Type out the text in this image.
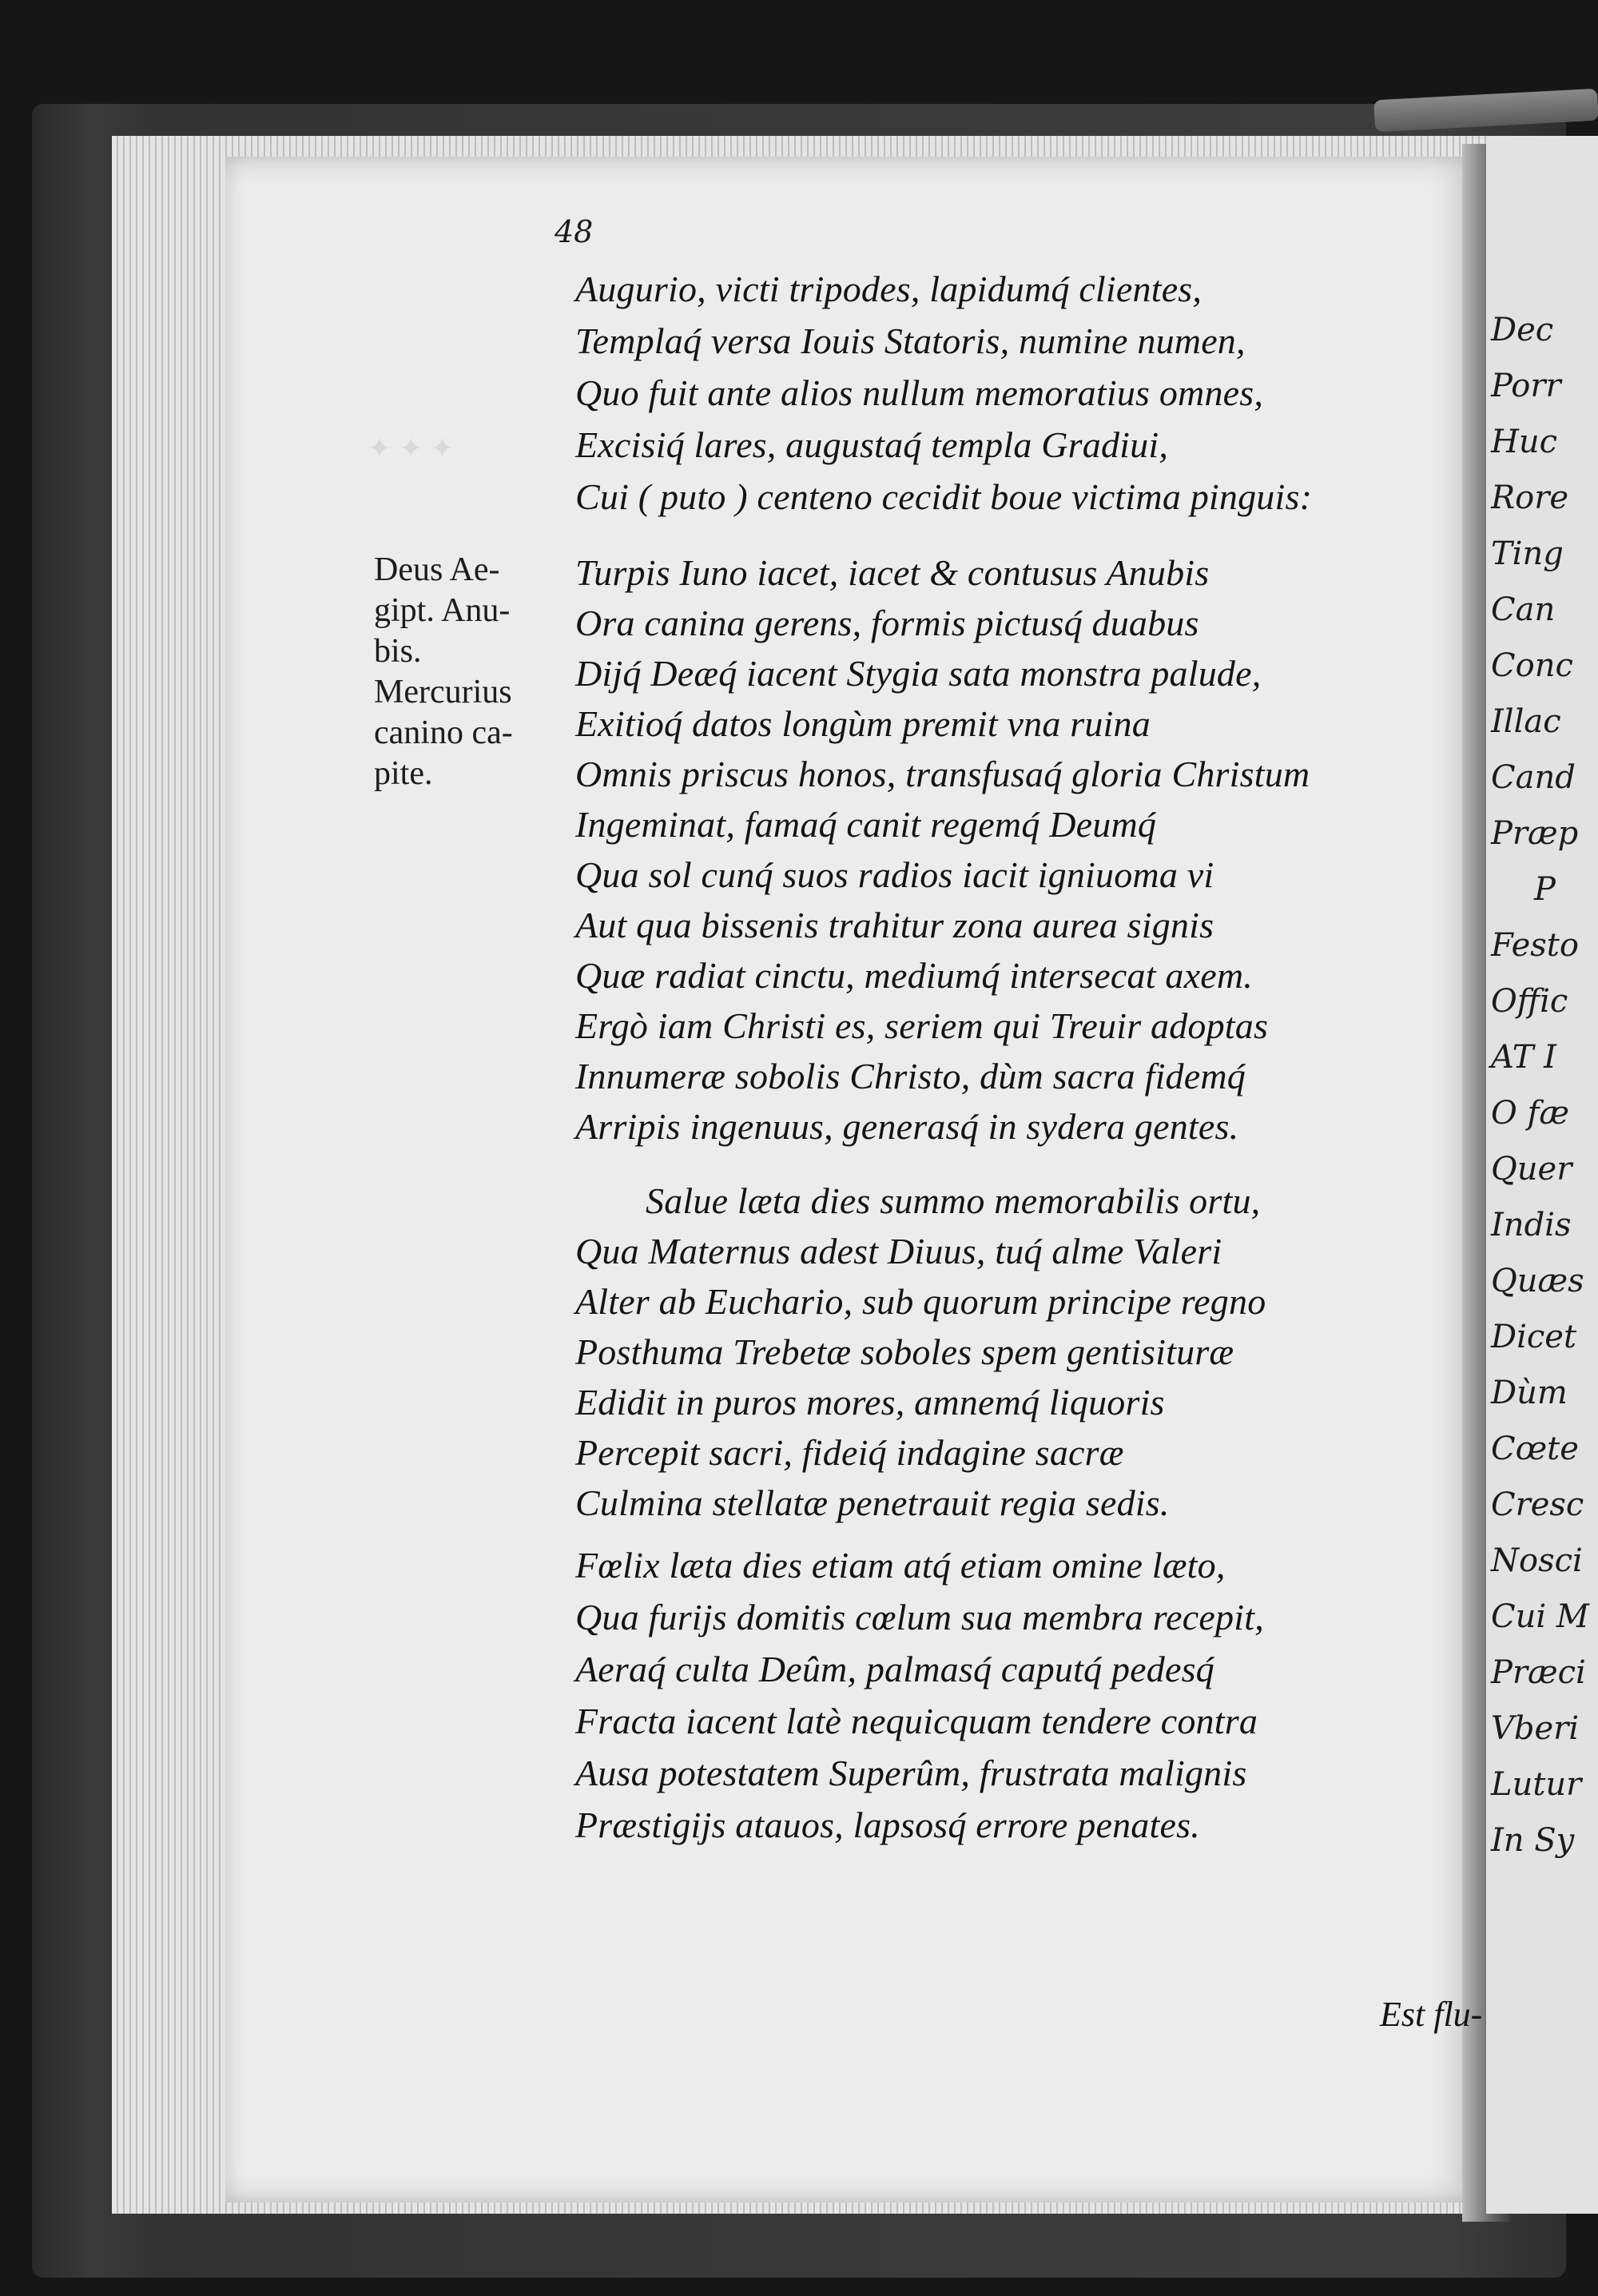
Dec
Porr
Huc
Rore
Ting
Can
Conc
Illac
Cand
Præp
P
Festo
Offic
AT I
O fæ
Quer
Indis
Quæs
Dicet
Dùm
Cœte
Cresc
Nosci
Cui M
Præci
Vberi
Lutur
In Sy
✦ ✦ ✦
48
Deus Ae-
gipt. Anu-
bis.
Mercurius
canino ca-
pite.
Augurio, victi tripodes, lapidumq́ clientes,
Templaq́ versa Iouis Statoris, numine numen,
Quo fuit ante alios nullum memoratius omnes,
Excisiq́ lares, augustaq́ templa Gradiui,
Cui ( puto ) centeno cecidit boue victima pinguis:
Turpis Iuno iacet, iacet & contusus Anubis
Ora canina gerens, formis pictusq́ duabus
Dijq́ Deæq́ iacent Stygia sata monstra palude,
Exitioq́ datos longùm premit vna ruina
Omnis priscus honos, transfusaq́ gloria Christum
Ingeminat, famaq́ canit regemq́ Deumq́
Qua sol cunq́ suos radios iacit igniuoma vi
Aut qua bissenis trahitur zona aurea signis
Quæ radiat cinctu, mediumq́ intersecat axem.
Ergò iam Christi es, seriem qui Treuir adoptas
Innumeræ sobolis Christo, dùm sacra fidemq́
Arripis ingenuus, generasq́ in sydera gentes.
Salue læta dies summo memorabilis ortu,
Qua Maternus adest Diuus, tuq́ alme Valeri
Alter ab Euchario, sub quorum principe regno
Posthuma Trebetæ soboles spem gentisituræ
Edidit in puros mores, amnemq́ liquoris
Percepit sacri, fideiq́ indagine sacræ
Culmina stellatæ penetrauit regia sedis.
Fœlix læta dies etiam atq́ etiam omine læto,
Qua furijs domitis cœlum sua membra recepit,
Aeraq́ culta Deûm, palmasq́ caputq́ pedesq́
Fracta iacent latè nequicquam tendere contra
Ausa potestatem Superûm, frustrata malignis
Præstigijs atauos, lapsosq́ errore penates.
Est flu-
